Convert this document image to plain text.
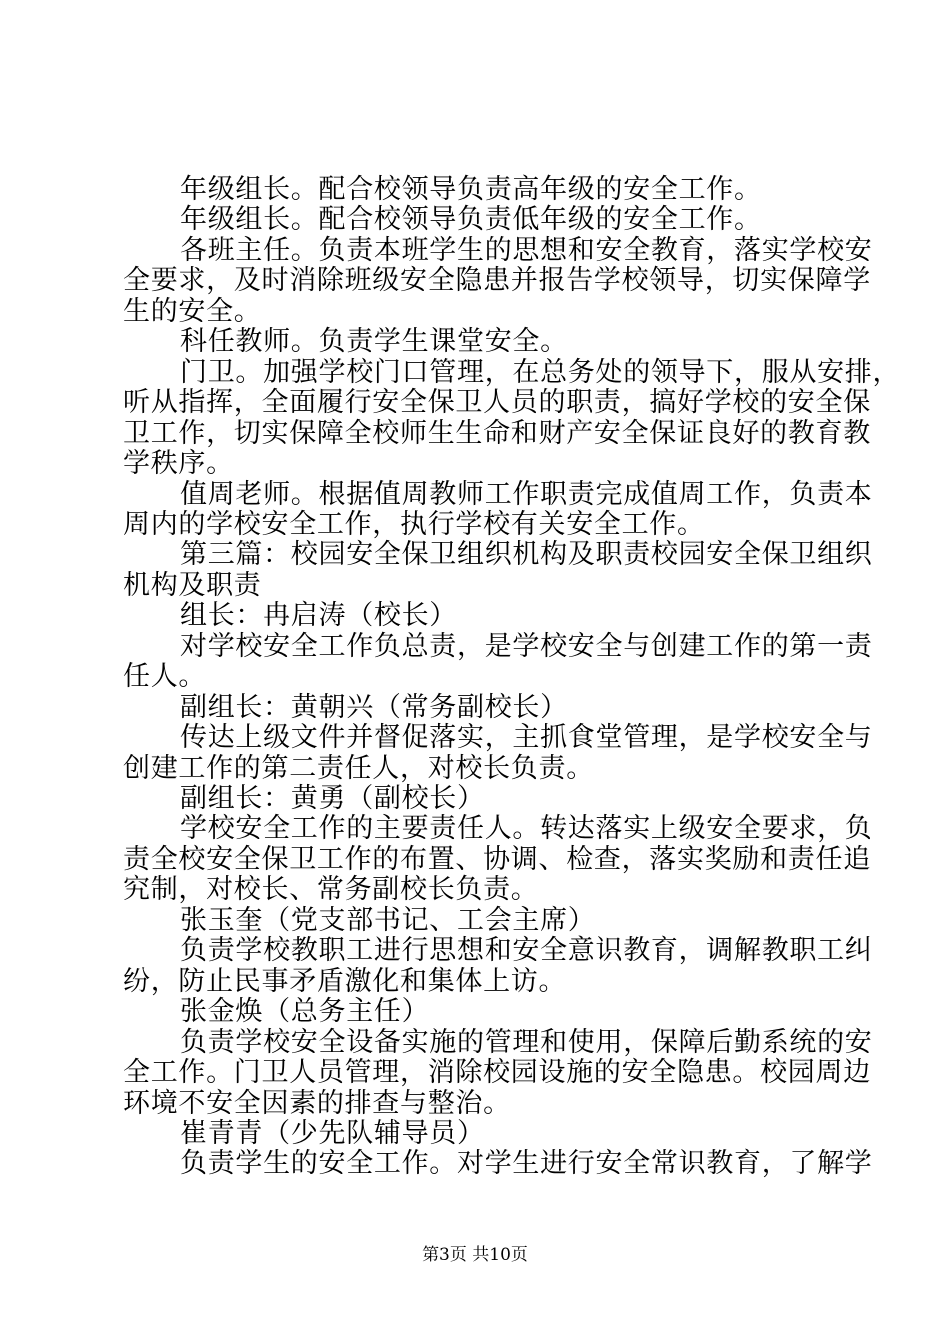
年级组长。配合校领导负责高年级的安全工作。
年级组长。配合校领导负责低年级的安全工作。
各班主任。负责本班学生的思想和安全教育，落实学校安
全要求，及时消除班级安全隐患并报告学校领导，切实保障学
生的安全。
科任教师。负责学生课堂安全。
门卫。加强学校门口管理，在总务处的领导下，服从安排，
听从指挥，全面履行安全保卫人员的职责，搞好学校的安全保
卫工作，切实保障全校师生生命和财产安全保证良好的教育教
学秩序。
值周老师。根据值周教师工作职责完成值周工作，负责本
周内的学校安全工作，执行学校有关安全工作。
第三篇：校园安全保卫组织机构及职责校园安全保卫组织
机构及职责
组长：冉启涛（校长）
对学校安全工作负总责，是学校安全与创建工作的第一责
任人。
副组长：黄朝兴（常务副校长）
传达上级文件并督促落实，主抓食堂管理，是学校安全与
创建工作的第二责任人，对校长负责。
副组长：黄勇（副校长）
学校安全工作的主要责任人。转达落实上级安全要求，负
责全校安全保卫工作的布置、协调、检查，落实奖励和责任追
究制，对校长、常务副校长负责。
张玉奎（党支部书记、工会主席）
负责学校教职工进行思想和安全意识教育，调解教职工纠
纷，防止民事矛盾激化和集体上访。
张金焕（总务主任）
负责学校安全设备实施的管理和使用，保障后勤系统的安
全工作。门卫人员管理，消除校园设施的安全隐患。校园周边
环境不安全因素的排查与整治。
崔青青（少先队辅导员）
负责学生的安全工作。对学生进行安全常识教育，了解学
第3页 共10页
